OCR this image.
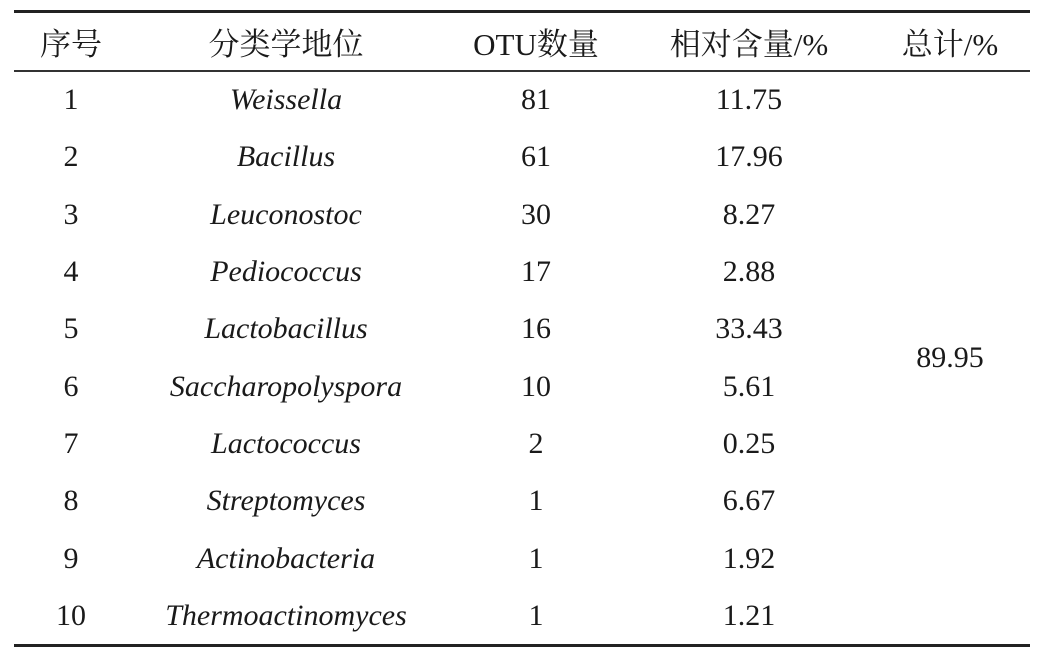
序号	分类学地位	OTU数量	相对含量/%	总计/%
1	Weissella	81	11.75	89.95
2	Bacillus	61	17.96	
3	Leuconostoc	30	8.27	
4	Pediococcus	17	2.88	
5	Lactobacillus	16	33.43	
6	Saccharopolyspora	10	5.61	
7	Lactococcus	2	0.25	
8	Streptomyces	1	6.67	
9	Actinobacteria	1	1.92	
10	Thermoactinomyces	1	1.21	
